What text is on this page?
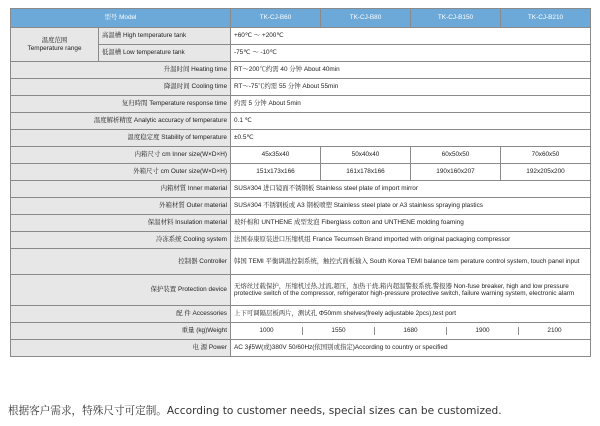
型号 Model		TK-CJ-B60	TK-CJ-B80	TK-CJ-B150	TK-CJ-B210

温度范围
Temperature range	高温槽 High temperature tank	+60℃ ～ +200℃			
	低温槽 Low temperature tank	-75℃ ～ -10℃			
升温时间 Heating time		RT～200℃约需 40 分钟 About 40min			
降温时间 Cooling time		RT～-75℃约需 55 分钟 About 55min			
复归時間 Temperature response time		约需 5 分钟 About 5min			
温度解析精度 Analytic accuracy of temperature		0.1 ℃			
温度稳定度 Stability of temperature		±0.5℃			
内箱尺寸 cm Inner size(W×D×H)		45x35x40	50x40x40	60x50x50	70x60x50
外箱尺寸 cm Outer size(W×D×H)		151x173x166	161x178x166	190x160x207	192x205x200
内箱材質 Inner material		SUS#304 进口镜面不锈钢板 Stainless steel plate of import mirror			
外箱材質 Outer material		SUS#304 不锈钢板或 A3 钢板喷塑 Stainless steel plate or A3 stainless spraying plastics			
保温材料 Insulation material		玻纤棉和 UNTHENE 成型发泡 Fiberglass cotton and UNTHENE molding foaming			
冷冻系统 Cooling system		法国泰康原装进口压缩机组 France Tecumseh Brand imported with original packaging compressor			
控制器 Controller		韩国 TEMI 平衡调温控制系统，触控式面板输入 South Korea TEMI balance tem perature control system, touch panel input			
保护装置 Protection device		无熔丝过载保护，压缩机过热,过流,超压，加热干烧,箱内超温警报系统,警报器 Non-fuse breaker, high and low pressure protective switch of the compressor, refrigerator high-pressure protective switch, failure warning system, electronic alarm			
配 件 Accessories		上下可调隔层板两片，测试孔 Φ50mm shelves(freely adjustable 2pcs),test port			
重量 (kg)Weight		1000 1550 1680 1900 2100			

电 源 Power		AC 3∮5W(或)380V 50/60Hz(依国别或指定)According to country or specified			
根据客户需求，特殊尺寸可定制。According to customer needs, special sizes can be customized.
